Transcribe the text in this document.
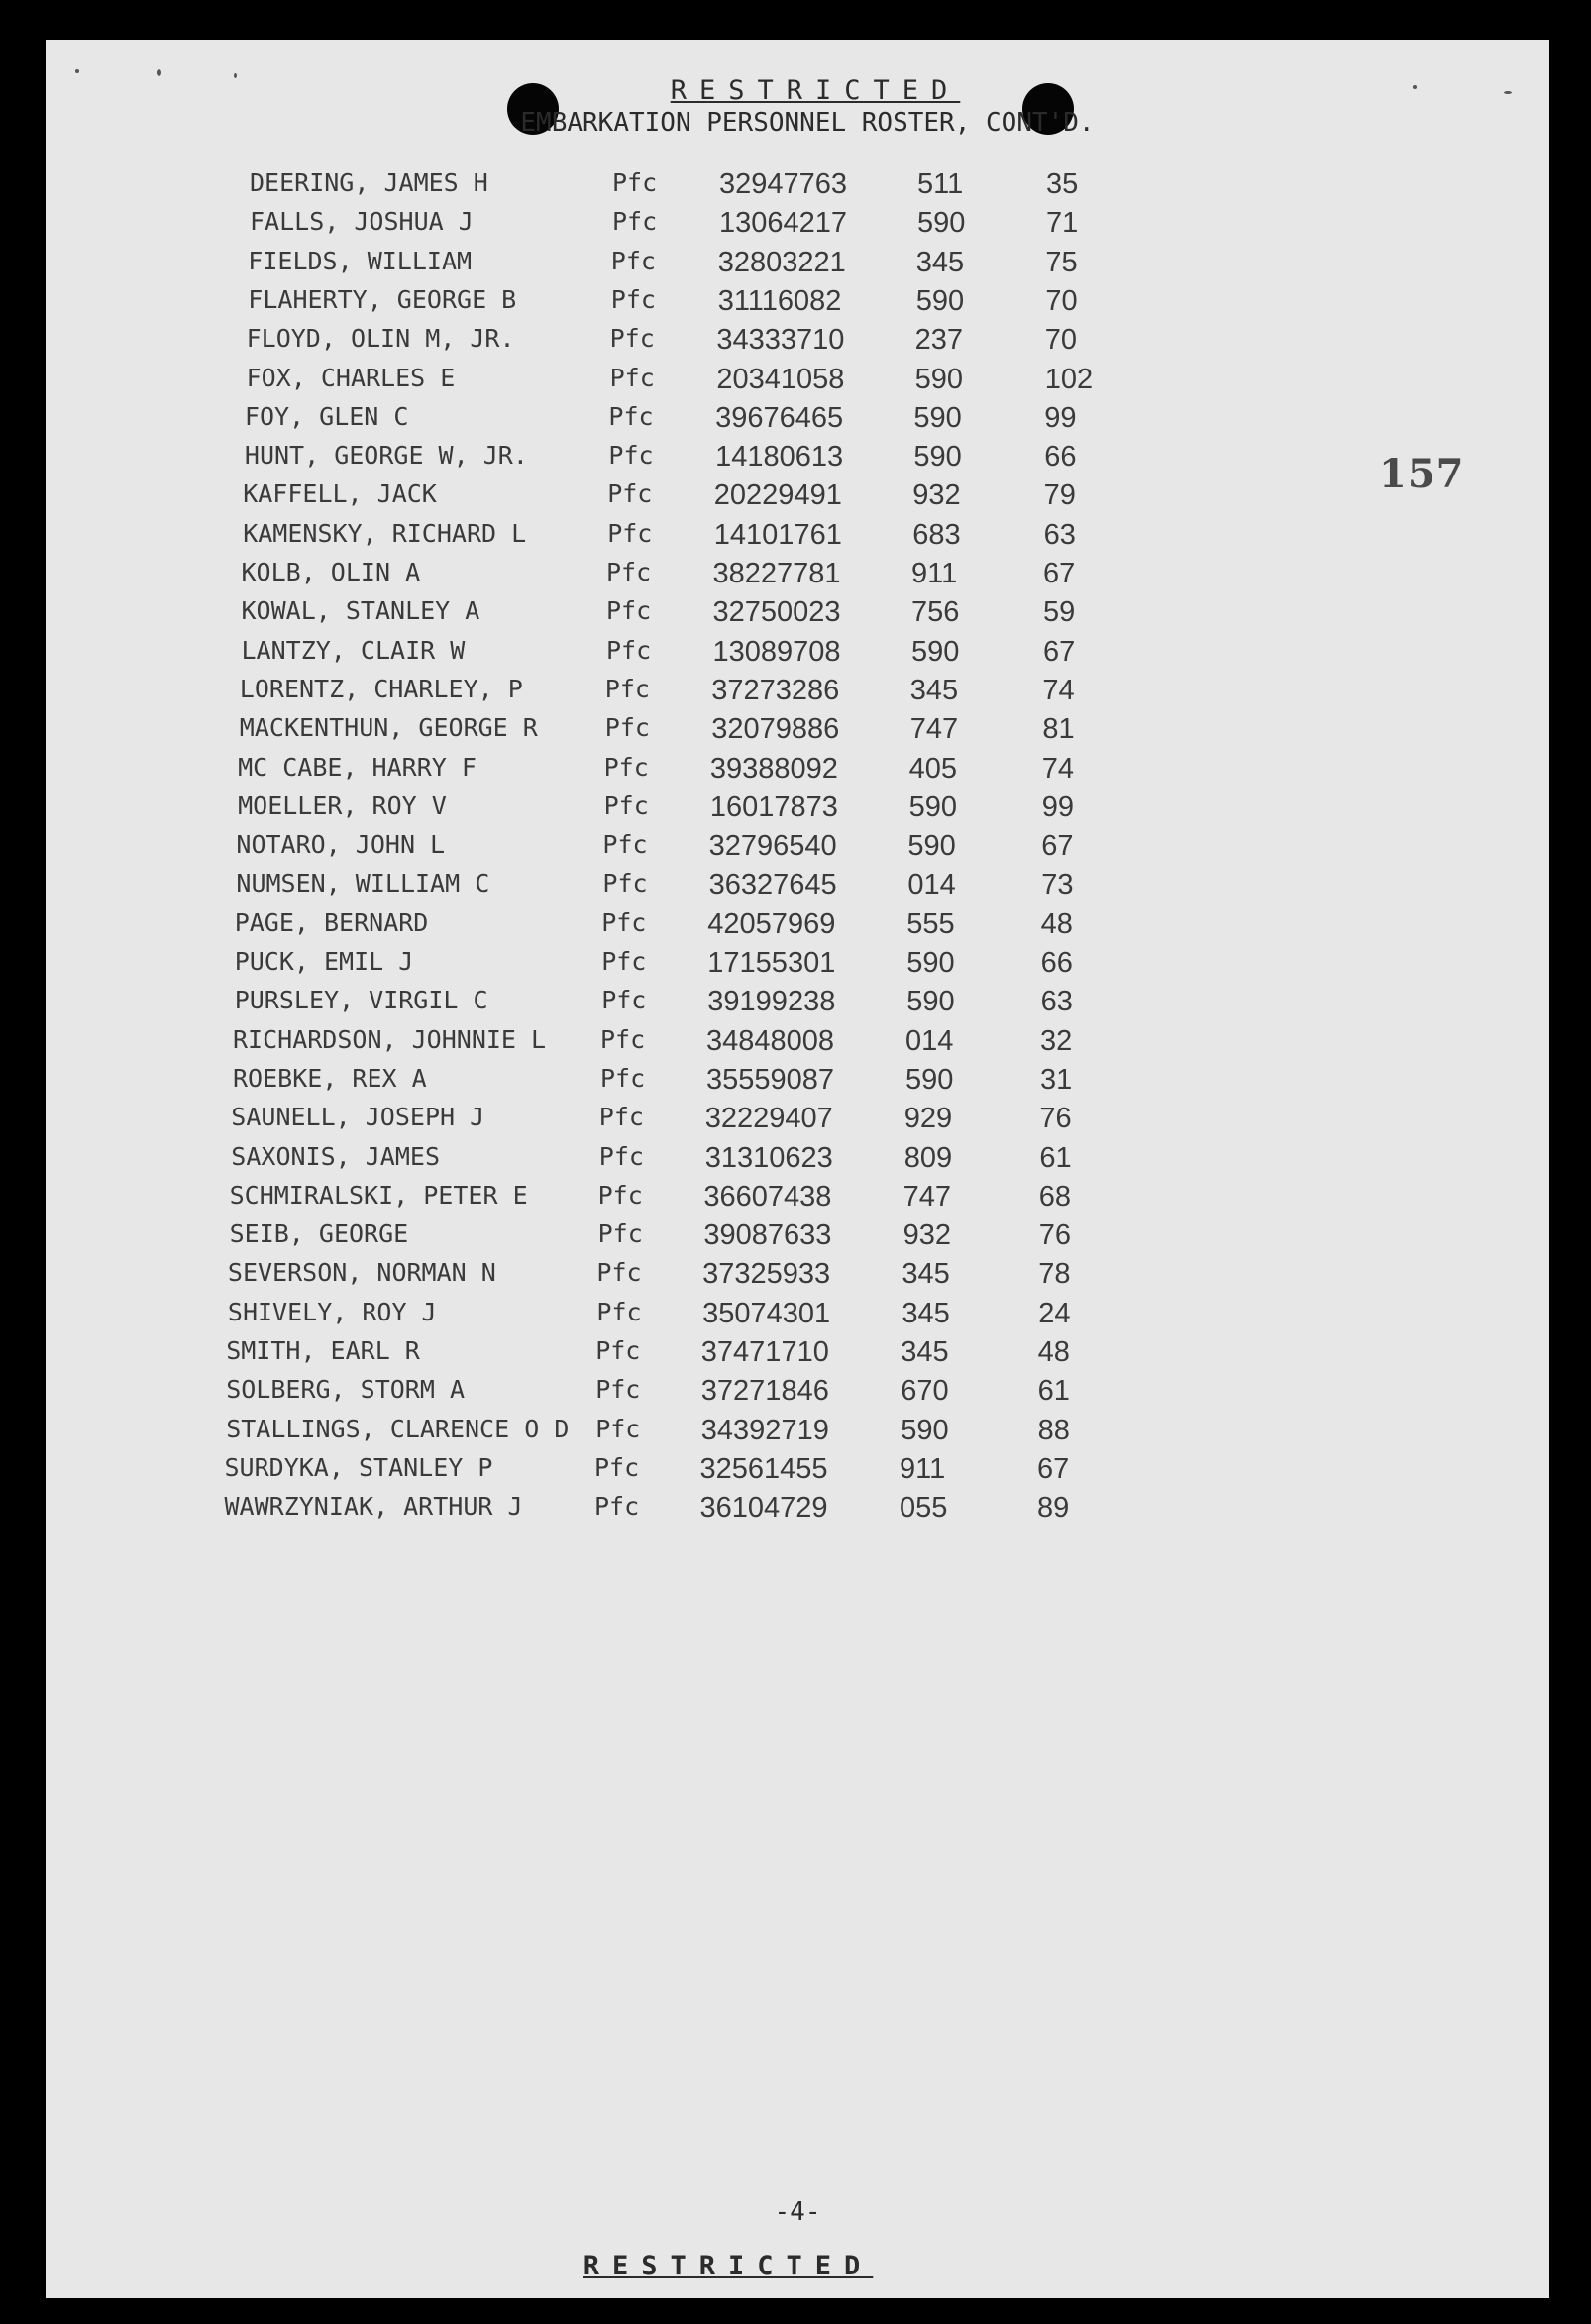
RESTRICTED
EMBARKATION PERSONNEL ROSTER, CONT'D.
157
DEERING, JAMES H	Pfc 32947763 511	35
FALLS, JOSHUA J	Pfc 13064217 590	71
FIELDS, WILLIAM	Pfc 32803221 345	75
FLAHERTY, GEORGE B	Pfc 31116082	590	70
FLOYD, OLIN M, JR.	Pfc 34333710 237	70
FOX, CHARLES E	Pfc 20341058 590	102
FOY, GLEN C	Pfc 39676465 590	99
HUNT, GEORGE W, JR.	Pfc 14180613 590	66
KAFFELL, JACK	Pfc 20229491 932	79
KAMENSKY, RICHARD L	Pfc 14101761 683	63
KOLB, OLIN A	Pfc 38227781 911	67
KOWAL, STANLEY A	Pfc 32750023 756	59
LANTZY, CLAIR W	Pfc 13089708 590	67
LORENTZ, CHARLEY, P	Pfc 37273286 345	74
MACKENTHUN, GEORGE R	Pfc 32079886 747	81
MC CABE, HARRY F	Pfc 39388092 405	74
MOELLER, ROY V	Pfc 16017873 590	99
NOTARO, JOHN L	Pfc 32796540 590	67
NUMSEN, WILLIAM C	Pfc 36327645 014	73
PAGE, BERNARD	Pfc 42057969 555	48
PUCK, EMIL J	Pfc 17155301 590	66
PURSLEY, VIRGIL C	Pfc 39199238 590	63
RICHARDSON, JOHNNIE L Pfc 34848008 014	32
ROEBKE, REX A	Pfc 35559087 590	31
SAUNELL, JOSEPH J	Pfc 32229407 929	76
SAXONIS, JAMES	Pfc 31310623 809	61
SCHMIRALSKI, PETER E	Pfc 36607438 747	68
SEIB, GEORGE	Pfc 39087633 932	76
SEVERSON, NORMAN N	Pfc 37325933 345	78
SHIVELY, ROY J	Pfc 35074301 345	24
SMITH, EARL R	Pfc 37471710 345	48
SOLBERG, STORM A	Pfc 37271846 670	61
STALLINGS, CLARENCE O D Pfc 34392719 590	88
SURDYKA, STANLEY P	Pfc 32561455 911	67
WAWRZYNIAK, ARTHUR J	Pfc 36104729 055	89
-4-
RESTRICTED
